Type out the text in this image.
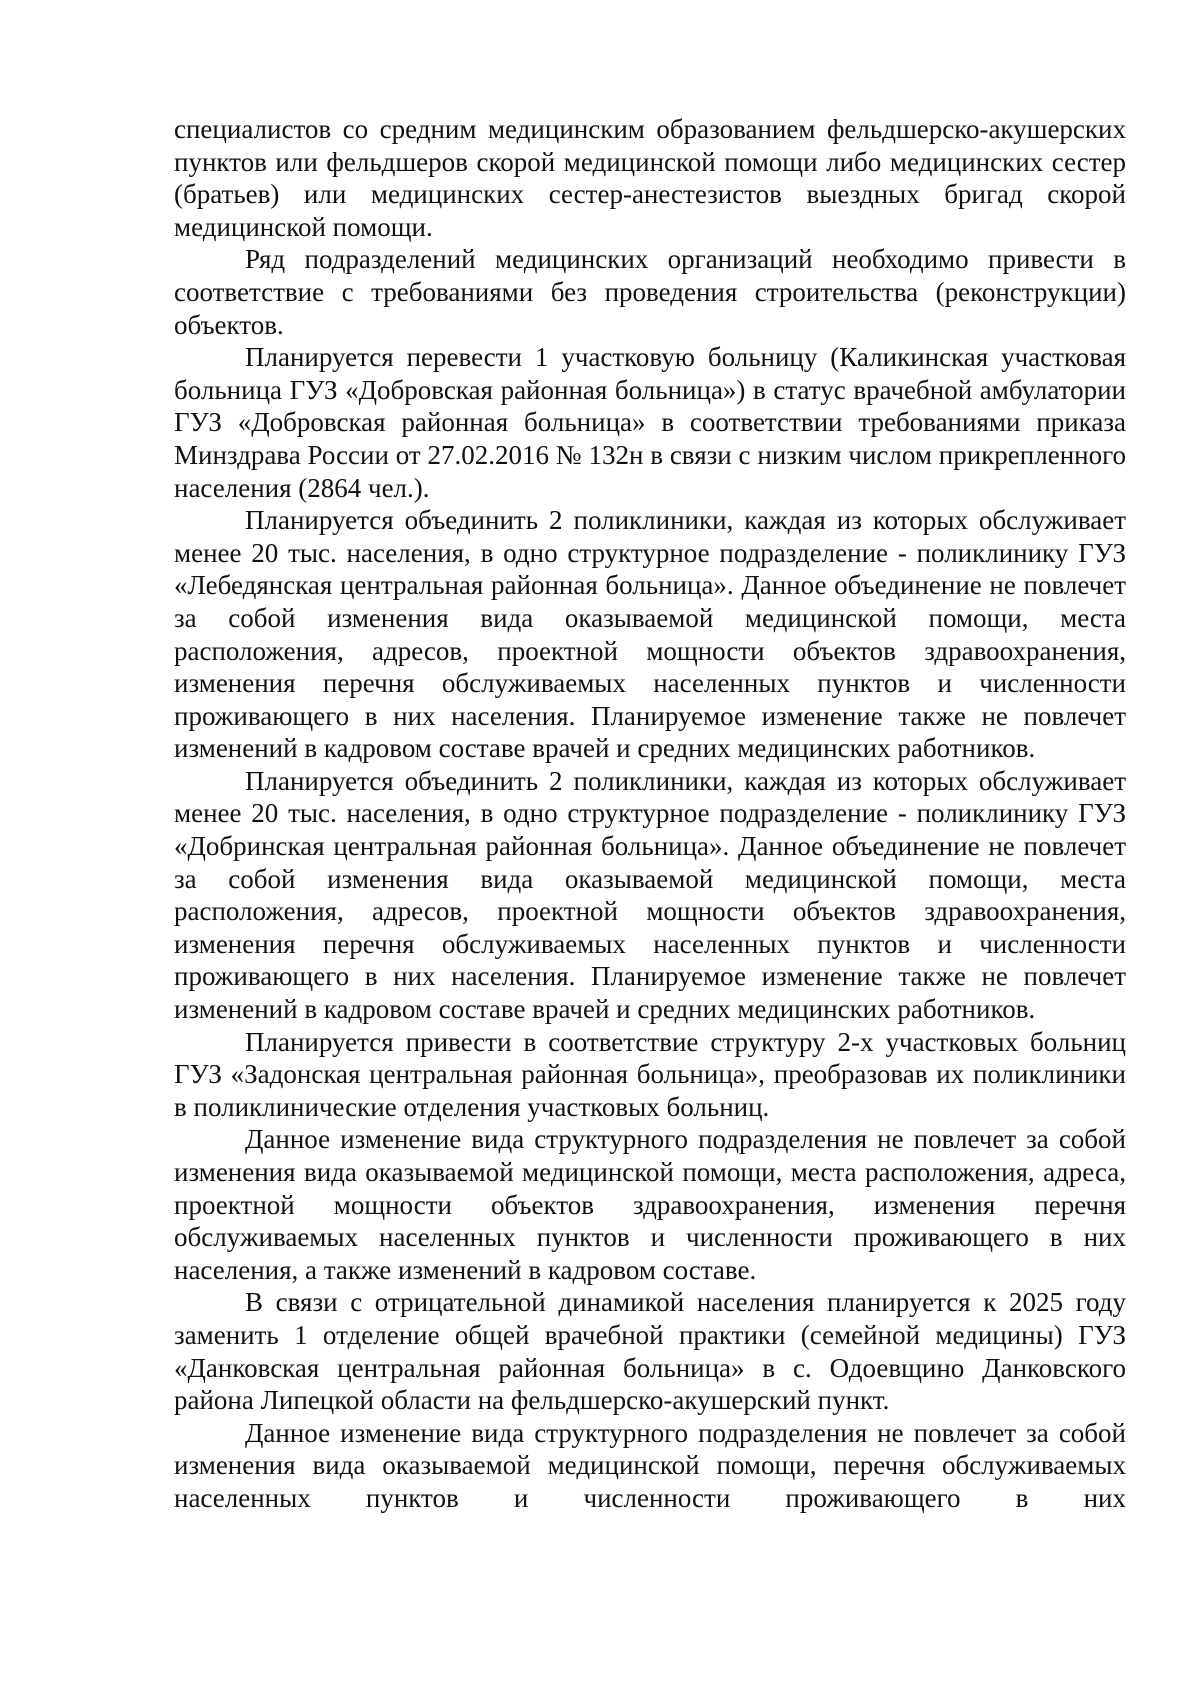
специалистов со средним медицинским образованием фельдшерско-акушерских пунктов или фельдшеров скорой медицинской помощи либо медицинских сестер (братьев) или медицинских сестер-анестезистов выездных бригад скорой медицинской помощи.

Ряд подразделений медицинских организаций необходимо привести в соответствие с требованиями без проведения строительства (реконструкции) объектов.

Планируется перевести 1 участковую больницу (Каликинская участковая больница ГУЗ «Добровская районная больница») в статус врачебной амбулатории ГУЗ «Добровская районная больница» в соответствии требованиями приказа Минздрава России от 27.02.2016 № 132н в связи с низким числом прикрепленного населения (2864 чел.).

Планируется объединить 2 поликлиники, каждая из которых обслуживает менее 20 тыс. населения, в одно структурное подразделение - поликлинику ГУЗ «Лебедянская центральная районная больница». Данное объединение не повлечет за собой изменения вида оказываемой медицинской помощи, места расположения, адресов, проектной мощности объектов здравоохранения, изменения перечня обслуживаемых населенных пунктов и численности проживающего в них населения. Планируемое изменение также не повлечет изменений в кадровом составе врачей и средних медицинских работников.

Планируется объединить 2 поликлиники, каждая из которых обслуживает менее 20 тыс. населения, в одно структурное подразделение - поликлинику ГУЗ «Добринская центральная районная больница». Данное объединение не повлечет за собой изменения вида оказываемой медицинской помощи, места расположения, адресов, проектной мощности объектов здравоохранения, изменения перечня обслуживаемых населенных пунктов и численности проживающего в них населения. Планируемое изменение также не повлечет изменений в кадровом составе врачей и средних медицинских работников.

Планируется привести в соответствие структуру 2-х участковых больниц ГУЗ «Задонская центральная районная больница», преобразовав их поликлиники в поликлинические отделения участковых больниц.

Данное изменение вида структурного подразделения не повлечет за собой изменения вида оказываемой медицинской помощи, места расположения, адреса, проектной мощности объектов здравоохранения, изменения перечня обслуживаемых населенных пунктов и численности проживающего в них населения, а также изменений в кадровом составе.

В связи с отрицательной динамикой населения планируется к 2025 году заменить 1 отделение общей врачебной практики (семейной медицины) ГУЗ «Данковская центральная районная больница» в с. Одоевщино Данковского района Липецкой области на фельдшерско-акушерский пункт.

Данное изменение вида структурного подразделения не повлечет за собой изменения вида оказываемой медицинской помощи, перечня обслуживаемых населенных пунктов и численности проживающего в них
